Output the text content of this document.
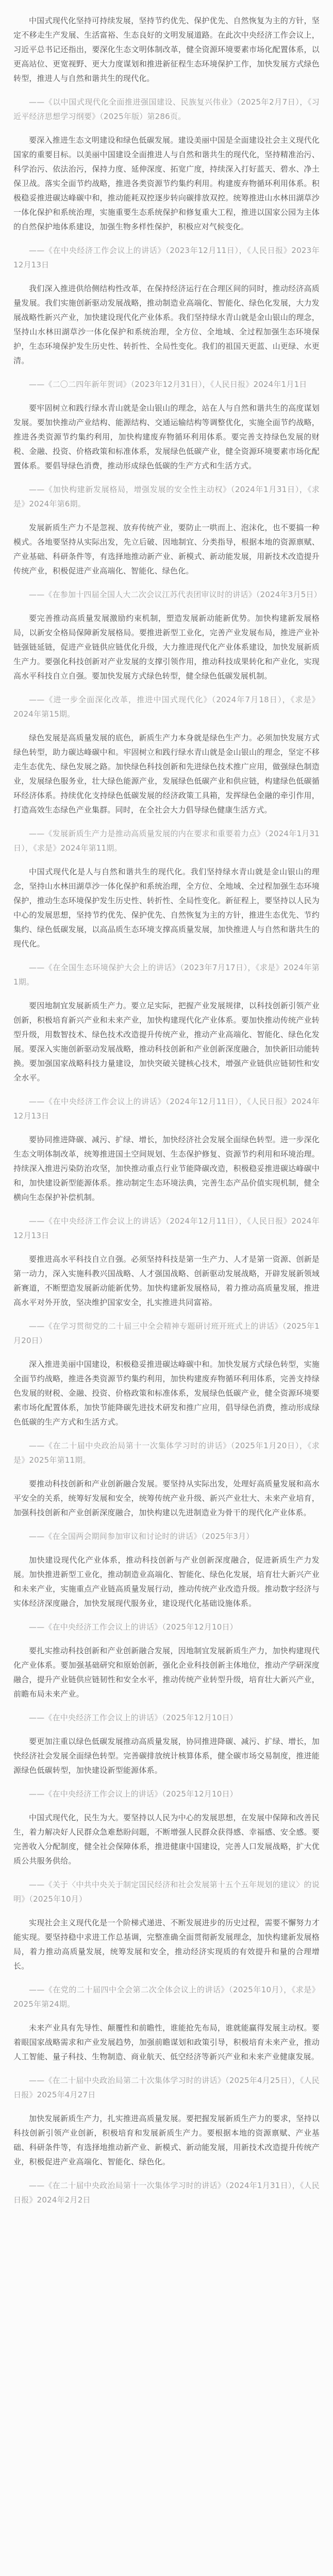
中国式现代化坚持可持续发展，坚持节约优先、保护优先、自然恢复为主的方针，坚定不移走生产发展、生活富裕、生态良好的文明发展道路。在此次中央经济工作会议上，习近平总书记还指出，要深化生态文明体制改革，健全资源环境要素市场化配置体系，以更高站位、更宽视野、更大力度谋划和推进新征程生态环境保护工作，加快发展方式绿色转型，推进人与自然和谐共生的现代化。

——《以中国式现代化全面推进强国建设、民族复兴伟业》（2025年2月7日），《习近平经济思想学习纲要》（2025年版）第286页。

要深入推进生态文明建设和绿色低碳发展。建设美丽中国是全面建设社会主义现代化国家的重要目标。以美丽中国建设全面推进人与自然和谐共生的现代化，坚持精准治污、科学治污、依法治污，保持力度、延伸深度、拓宽广度，持续深入打好蓝天、碧水、净土保卫战。落实全面节约战略，推进各类资源节约集约利用。构建废弃物循环利用体系。积极稳妥推进碳达峰碳中和，推动能耗双控逐步转向碳排放双控。统筹推进山水林田湖草沙一体化保护和系统治理，实施重要生态系统保护和修复重大工程，推进以国家公园为主体的自然保护地体系建设，加强生物多样性保护，积极应对气候变化。

——《在中央经济工作会议上的讲话》（2023年12月11日），《人民日报》2023年12月13日

我们深入推进供给侧结构性改革，在保持经济运行在合理区间的同时，推动经济高质量发展。我们实施创新驱动发展战略，推动制造业高端化、智能化、绿色化发展，大力发展战略性新兴产业，加快建设现代化产业体系。我们坚持绿水青山就是金山银山的理念，坚持山水林田湖草沙一体化保护和系统治理，全方位、全地域、全过程加强生态环境保护，生态环境保护发生历史性、转折性、全局性变化。我们的祖国天更蓝、山更绿、水更清。

——《二〇二四年新年贺词》（2023年12月31日），《人民日报》2024年1月1日

要牢固树立和践行绿水青山就是金山银山的理念，站在人与自然和谐共生的高度谋划发展。要加快推动产业结构、能源结构、交通运输结构等调整优化，实施全面节约战略，推进各类资源节约集约利用，加快构建废弃物循环利用体系。要完善支持绿色发展的财税、金融、投资、价格政策和标准体系，发展绿色低碳产业，健全资源环境要素市场化配置体系。要倡导绿色消费，推动形成绿色低碳的生产方式和生活方式。

——《加快构建新发展格局，增强发展的安全性主动权》（2024年1月31日），《求是》2024年第6期。

发展新质生产力不是忽视、放弃传统产业，要防止一哄而上、泡沫化，也不要搞一种模式。各地要坚持从实际出发，先立后破、因地制宜、分类指导，根据本地的资源禀赋、产业基础、科研条件等，有选择地推动新产业、新模式、新动能发展，用新技术改造提升传统产业，积极促进产业高端化、智能化、绿色化。

——《在参加十四届全国人大二次会议江苏代表团审议时的讲话》（2024年3月5日）

要完善推动高质量发展激励约束机制，塑造发展新动能新优势。加快构建新发展格局，以新安全格局保障新发展格局。要推进新型工业化，完善产业发展布局，推进产业补链强链延链，促进产业链供应链优化升级，大力推进现代化产业体系建设，加快发展新质生产力。要强化科技创新对产业发展的支撑引领作用，推动科技成果转化和产业化，实现高水平科技自立自强。要加快发展方式绿色转型，健全绿色低碳发展机制。

——《进一步全面深化改革，推进中国式现代化》（2024年7月18日），《求是》2024年第15期。

绿色发展是高质量发展的底色，新质生产力本身就是绿色生产力。必须加快发展方式绿色转型，助力碳达峰碳中和。牢固树立和践行绿水青山就是金山银山的理念，坚定不移走生态优先、绿色发展之路。加快绿色科技创新和先进绿色技术推广应用，做强绿色制造业，发展绿色服务业，壮大绿色能源产业，发展绿色低碳产业和供应链，构建绿色低碳循环经济体系。持续优化支持绿色低碳发展的经济政策工具箱，发挥绿色金融的牵引作用，打造高效生态绿色产业集群。同时，在全社会大力倡导绿色健康生活方式。

——《发展新质生产力是推动高质量发展的内在要求和重要着力点》（2024年1月31日），《求是》2024年第11期。

中国式现代化是人与自然和谐共生的现代化。我们坚持绿水青山就是金山银山的理念，坚持山水林田湖草沙一体化保护和系统治理，全方位、全地域、全过程加强生态环境保护，推动生态环境保护发生历史性、转折性、全局性变化。新征程上，要坚持以人民为中心的发展思想，坚持节约优先、保护优先、自然恢复为主的方针，推进生态优先、节约集约、绿色低碳发展，以高品质生态环境支撑高质量发展，加快推进人与自然和谐共生的现代化。

——《在全国生态环境保护大会上的讲话》（2023年7月17日），《求是》2024年第1期。

要因地制宜发展新质生产力。要立足实际，把握产业发展规律，以科技创新引领产业创新，积极培育新兴产业和未来产业，加快构建现代化产业体系。要加快推动传统产业转型升级，用数智技术、绿色技术改造提升传统产业，推动产业高端化、智能化、绿色化发展。要深入实施创新驱动发展战略，推动科技创新和产业创新深度融合，加快新旧动能转换。要加强国家战略科技力量建设，加快突破关键核心技术，增强产业链供应链韧性和安全水平。

——《在中央经济工作会议上的讲话》（2024年12月11日），《人民日报》2024年12月13日

要协同推进降碳、减污、扩绿、增长，加快经济社会发展全面绿色转型。进一步深化生态文明体制改革，统筹推进国土空间规划、生态保护修复、资源节约利用和环境治理。持续深入推进污染防治攻坚，加快推动重点行业节能降碳改造，积极稳妥推进碳达峰碳中和，加快建设新型能源体系。推动制定生态环境法典，完善生态产品价值实现机制，健全横向生态保护补偿机制。

——《在中央经济工作会议上的讲话》（2024年12月11日），《人民日报》2024年12月13日

要推进高水平科技自立自强。必须坚持科技是第一生产力、人才是第一资源、创新是第一动力，深入实施科教兴国战略、人才强国战略、创新驱动发展战略，开辟发展新领域新赛道，不断塑造发展新动能新优势。加快构建新发展格局，着力推动高质量发展，推进高水平对外开放，坚决维护国家安全，扎实推进共同富裕。

——《在学习贯彻党的二十届三中全会精神专题研讨班开班式上的讲话》（2025年1月20日）

深入推进美丽中国建设，积极稳妥推进碳达峰碳中和。加快发展方式绿色转型，实施全面节约战略，推进各类资源节约集约利用，加快构建废弃物循环利用体系，完善支持绿色发展的财税、金融、投资、价格政策和标准体系，发展绿色低碳产业，健全资源环境要素市场化配置体系，加快节能降碳先进技术研发和推广应用，倡导绿色消费，推动形成绿色低碳的生产方式和生活方式。

——《在二十届中央政治局第十一次集体学习时的讲话》（2025年1月20日），《求是》2025年第11期。

要推动科技创新和产业创新融合发展。要坚持从实际出发，处理好高质量发展和高水平安全的关系，统筹好发展和安全，统筹传统产业升级、新兴产业壮大、未来产业培育，加强科技创新和产业创新深度融合，加快构建以先进制造业为骨干的现代化产业体系。

——《在全国两会期间参加审议和讨论时的讲话》（2025年3月）

加快建设现代化产业体系，推动科技创新与产业创新深度融合，促进新质生产力发展。加快推进新型工业化，推动制造业高端化、智能化、绿色化发展，培育壮大新兴产业和未来产业，实施重点产业链高质量发展行动，推动传统产业改造升级。推动数字经济与实体经济深度融合，加快发展现代服务业，建设现代化基础设施体系。

——《在中央经济工作会议上的讲话》（2025年12月10日）

要扎实推动科技创新和产业创新融合发展，因地制宜发展新质生产力，加快构建现代化产业体系。要加强基础研究和原始创新，强化企业科技创新主体地位，推动产学研深度融合，提升产业链供应链韧性和安全水平，推动传统产业转型升级，培育壮大新兴产业，前瞻布局未来产业。

——《在中央经济工作会议上的讲话》（2025年12月10日）

要更加注重以绿色低碳发展推动高质量发展，协同推进降碳、减污、扩绿、增长，加快经济社会发展全面绿色转型。完善碳排放统计核算体系，健全碳市场交易制度，推进能源绿色低碳转型，加快建设新型能源体系。

——《在中央经济工作会议上的讲话》（2025年12月10日）

中国式现代化，民生为大。要坚持以人民为中心的发展思想，在发展中保障和改善民生，着力解决好人民群众急难愁盼问题，不断增强人民群众获得感、幸福感、安全感。要完善收入分配制度，健全社会保障体系，推进健康中国建设，完善人口发展战略，扩大优质公共服务供给。

——《关于〈中共中央关于制定国民经济和社会发展第十五个五年规划的建议〉的说明》（2025年10月）

实现社会主义现代化是一个阶梯式递进、不断发展进步的历史过程，需要不懈努力才能实现。要坚持稳中求进工作总基调，完整准确全面贯彻新发展理念，加快构建新发展格局，着力推动高质量发展，统筹发展和安全，推动经济实现质的有效提升和量的合理增长。

——《在党的二十届四中全会第二次全体会议上的讲话》（2025年10月），《求是》2025年第24期。

未来产业具有先导性、颠覆性和前瞻性，谁能抢先布局，谁就能赢得发展主动权。要着眼国家战略需求和产业发展趋势，加强前瞻谋划和政策引导，积极培育未来产业，推动人工智能、量子科技、生物制造、商业航天、低空经济等新兴产业和未来产业健康发展。

——《在二十届中央政治局第二十次集体学习时的讲话》（2025年4月25日），《人民日报》2025年4月27日

加快发展新质生产力，扎实推进高质量发展。要把握发展新质生产力的要求，坚持以科技创新引领产业创新，积极培育和发展新质生产力。要根据本地的资源禀赋、产业基础、科研条件等，有选择地推动新产业、新模式、新动能发展，用新技术改造提升传统产业，积极促进产业高端化、智能化、绿色化。

——《在二十届中央政治局第十一次集体学习时的讲话》（2024年1月31日），《人民日报》2024年2月2日
